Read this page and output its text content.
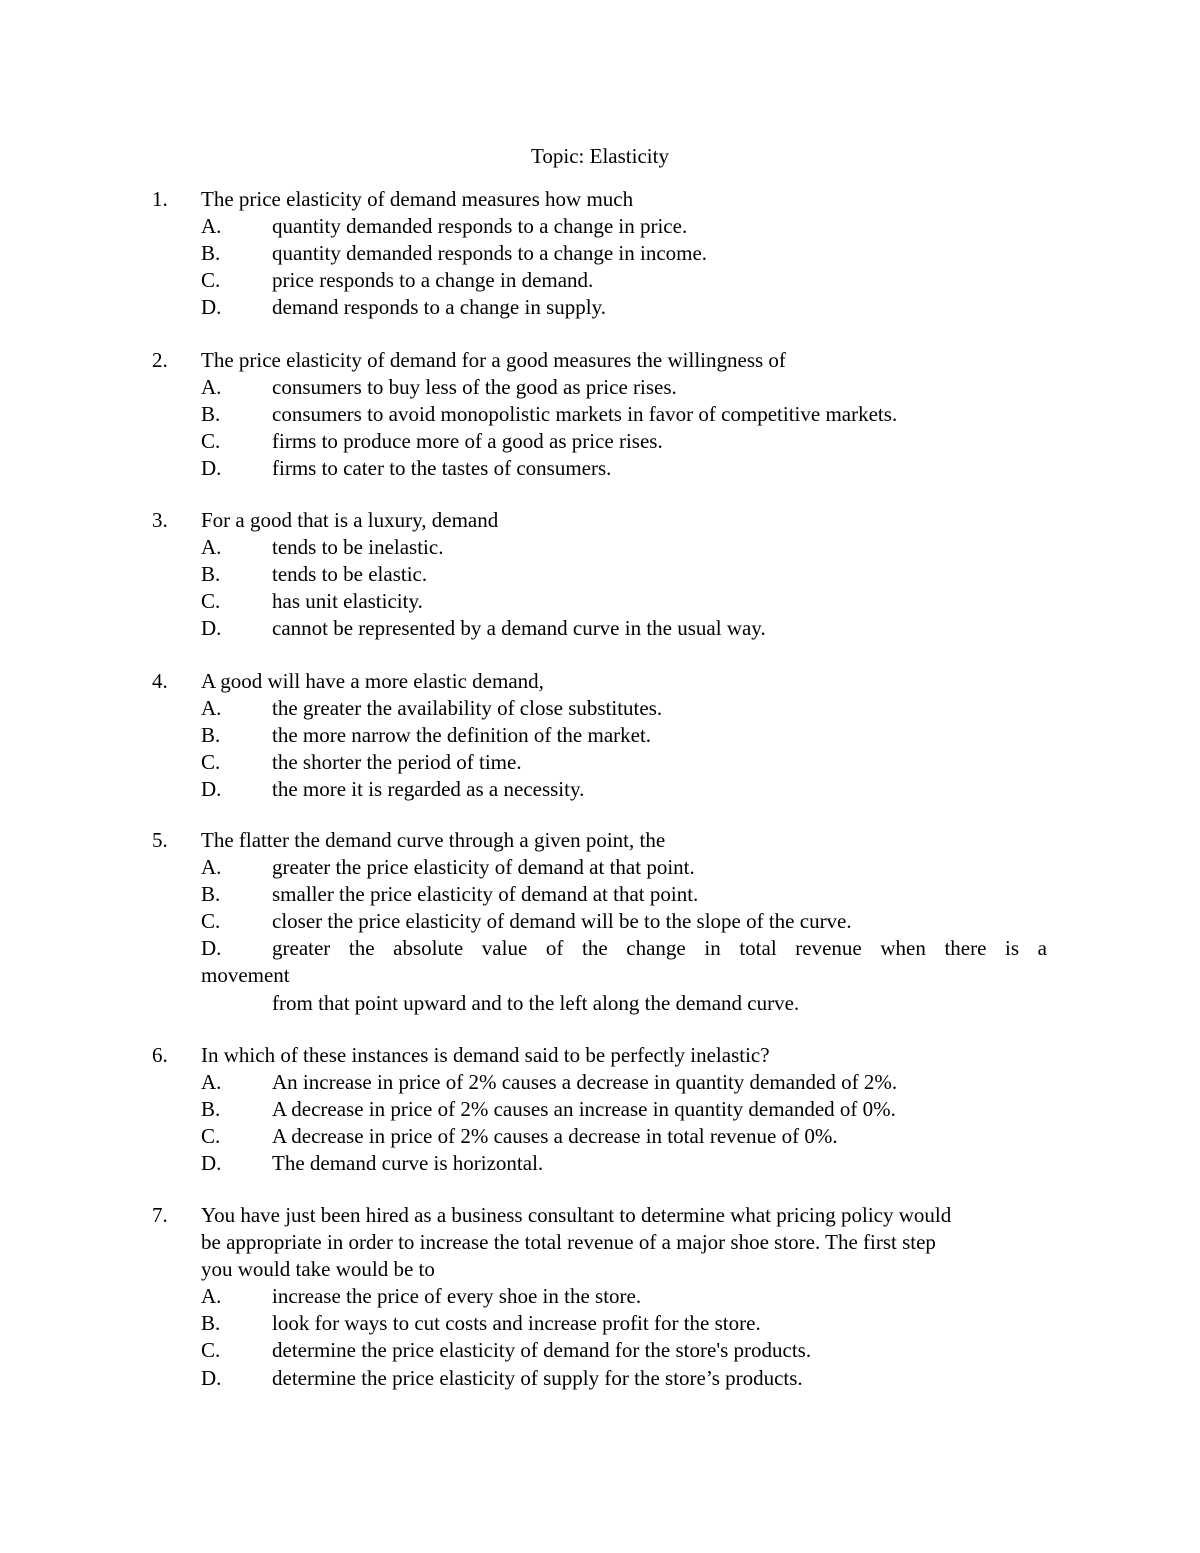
Topic: Elasticity
1. The price elasticity of demand measures how much
A. quantity demanded responds to a change in price.
B. quantity demanded responds to a change in income.
C. price responds to a change in demand.
D. demand responds to a change in supply.
2. The price elasticity of demand for a good measures the willingness of
A. consumers to buy less of the good as price rises.
B. consumers to avoid monopolistic markets in favor of competitive markets.
C. firms to produce more of a good as price rises.
D. firms to cater to the tastes of consumers.
3. For a good that is a luxury, demand
A. tends to be inelastic.
B. tends to be elastic.
C. has unit elasticity.
D. cannot be represented by a demand curve in the usual way.
4. A good will have a more elastic demand,
A. the greater the availability of close substitutes.
B. the more narrow the definition of the market.
C. the shorter the period of time.
D. the more it is regarded as a necessity.
5. The flatter the demand curve through a given point, the
A. greater the price elasticity of demand at that point.
B. smaller the price elasticity of demand at that point.
C. closer the price elasticity of demand will be to the slope of the curve.
D. greater the absolute value of the change in total revenue when there is a
movement
from that point upward and to the left along the demand curve.
6. In which of these instances is demand said to be perfectly inelastic?
A. An increase in price of 2% causes a decrease in quantity demanded of 2%.
B. A decrease in price of 2% causes an increase in quantity demanded of 0%.
C. A decrease in price of 2% causes a decrease in total revenue of 0%.
D. The demand curve is horizontal.
7. You have just been hired as a business consultant to determine what pricing policy would
be appropriate in order to increase the total revenue of a major shoe store. The first step
you would take would be to
A. increase the price of every shoe in the store.
B. look for ways to cut costs and increase profit for the store.
C. determine the price elasticity of demand for the store's products.
D. determine the price elasticity of supply for the store’s products.
